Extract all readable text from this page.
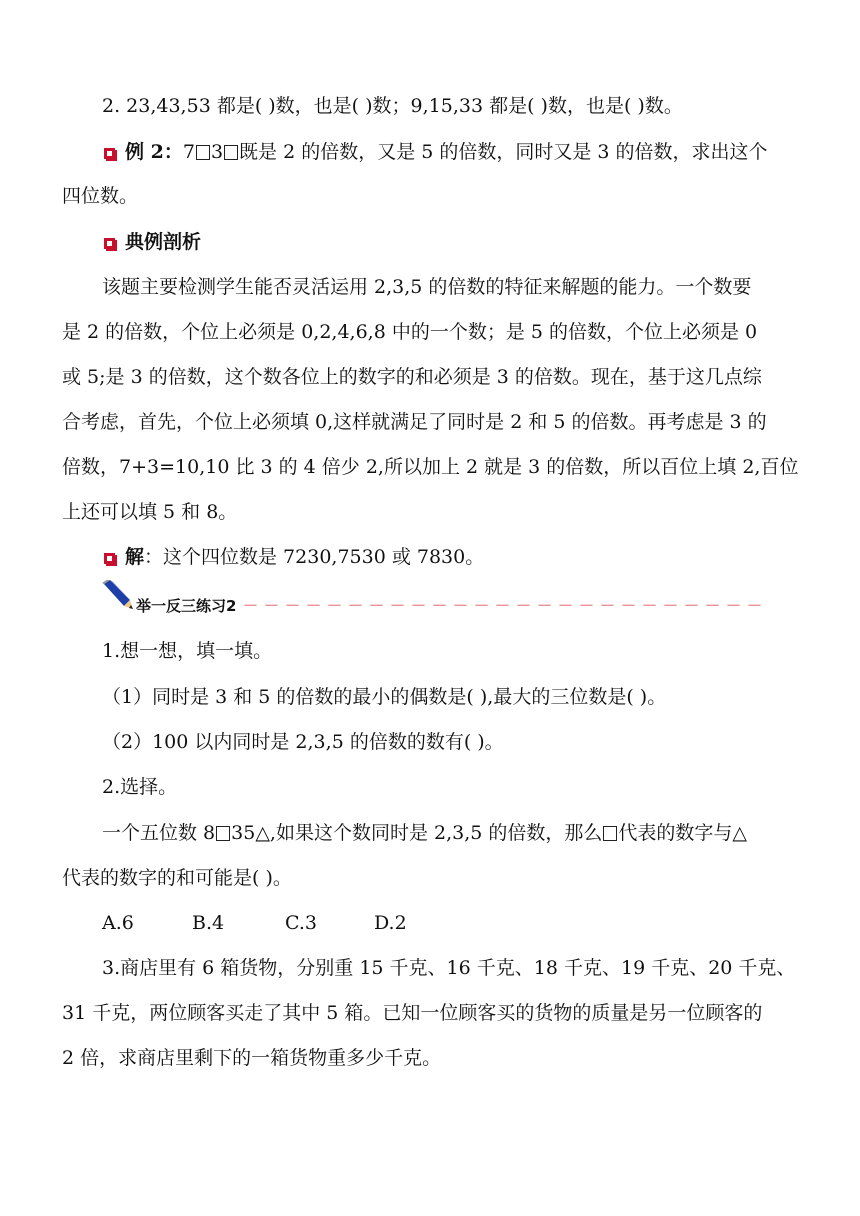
2. 23,43,53 都是( )数，也是( )数；9,15,33 都是( )数，也是( )数。
例 2：7 3 既是 2 的倍数，又是 5 的倍数，同时又是 3 的倍数，求出这个
四位数。
典例剖析
该题主要检测学生能否灵活运用 2,3,5 的倍数的特征来解题的能力。一个数要
是 2 的倍数，个位上必须是 0,2,4,6,8 中的一个数；是 5 的倍数，个位上必须是 0
或 5;是 3 的倍数，这个数各位上的数字的和必须是 3 的倍数。现在，基于这几点综
合考虑，首先，个位上必须填 0,这样就满足了同时是 2 和 5 的倍数。再考虑是 3 的
倍数，7+3=10,10 比 3 的 4 倍少 2,所以加上 2 就是 3 的倍数，所以百位上填 2,百位
上还可以填 5 和 8。
解：这个四位数是 7230,7530 或 7830。
举一反三练习2 －－－－－－－－－－－－－－－－－－－－－－－－－
1.想一想，填一填。
（1）同时是 3 和 5 的倍数的最小的偶数是( ),最大的三位数是( )。
（2）100 以内同时是 2,3,5 的倍数的数有( )。
2.选择。
一个五位数 8 35△,如果这个数同时是 2,3,5 的倍数，那么 代表的数字与△
代表的数字的和可能是( )。
A.6	B.4	C.3	D.2
3.商店里有 6 箱货物，分别重 15 千克、16 千克、18 千克、19 千克、20 千克、
31 千克，两位顾客买走了其中 5 箱。已知一位顾客买的货物的质量是另一位顾客的
2 倍，求商店里剩下的一箱货物重多少千克。
